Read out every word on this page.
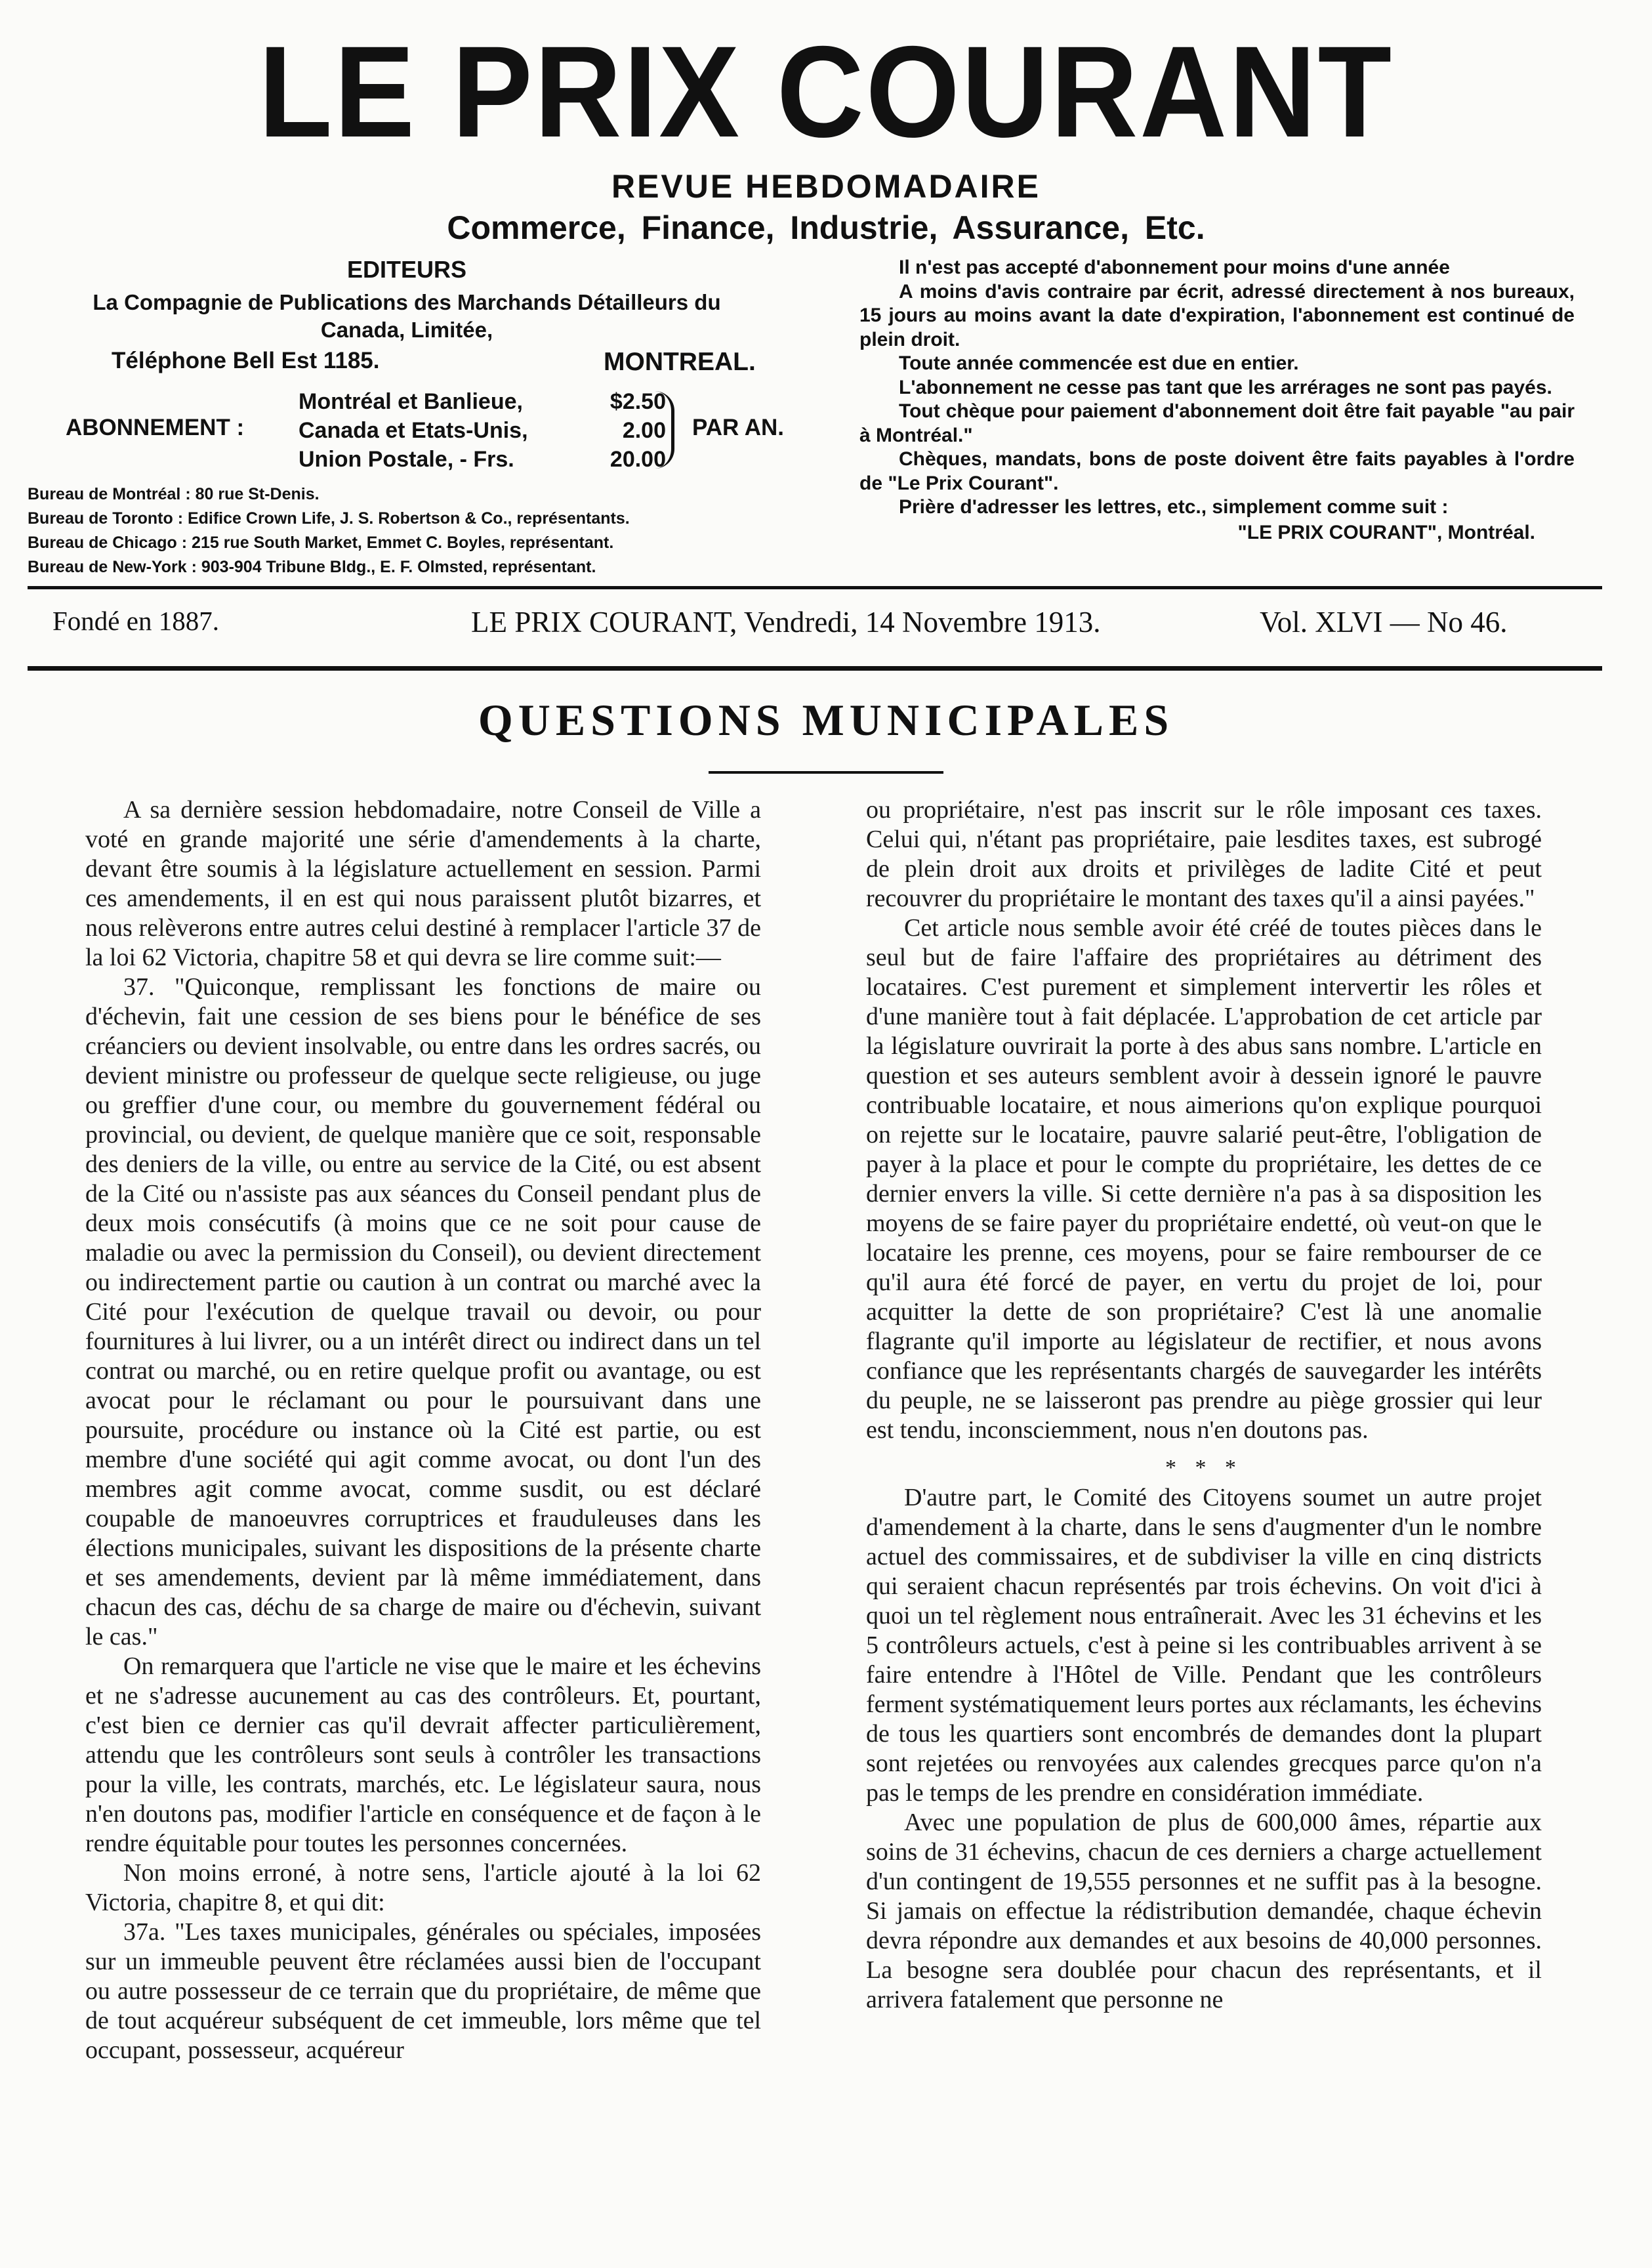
LE PRIX COURANT
REVUE HEBDOMADAIRE
Commerce, Finance, Industrie, Assurance, Etc.
EDITEURS
La Compagnie de Publications des Marchands Détailleurs du Canada, Limitée,
Téléphone Bell Est 1185.	MONTREAL.
ABONNEMENT :
Montréal et Banlieue,	$2.50
Canada et Etats-Unis,	2.00
Union Postale, - Frs.	20.00
PAR AN.
Bureau de Montréal : 80 rue St-Denis.
Bureau de Toronto : Edifice Crown Life, J. S. Robertson & Co., représentants.
Bureau de Chicago : 215 rue South Market, Emmet C. Boyles, représentant.
Bureau de New-York : 903-904 Tribune Bldg., E. F. Olmsted, représentant.

Il n'est pas accepté d'abonnement pour moins d'une année

A moins d'avis contraire par écrit, adressé directement à nos bureaux, 15 jours au moins avant la date d'expiration, l'abonnement est continué de plein droit.

Toute année commencée est due en entier.

L'abonnement ne cesse pas tant que les arrérages ne sont pas payés.

Tout chèque pour paiement d'abonnement doit être fait payable "au pair à Montréal."

Chèques, mandats, bons de poste doivent être faits payables à l'ordre de "Le Prix Courant".

Prière d'adresser les lettres, etc., simplement comme suit :

"LE PRIX COURANT", Montréal.
Fondé en 1887.	LE PRIX COURANT, Vendredi, 14 Novembre 1913.	Vol. XLVI — No 46.
QUESTIONS MUNICIPALES

A sa dernière session hebdomadaire, notre Conseil de Ville a voté en grande majorité une série d'amendements à la charte, devant être soumis à la législature actuellement en session. Parmi ces amendements, il en est qui nous paraissent plutôt bizarres, et nous relèverons entre autres celui destiné à remplacer l'article 37 de la loi 62 Victoria, chapitre 58 et qui devra se lire comme suit:—

37. "Quiconque, remplissant les fonctions de maire ou d'échevin, fait une cession de ses biens pour le bénéfice de ses créanciers ou devient insolvable, ou entre dans les ordres sacrés, ou devient ministre ou professeur de quelque secte religieuse, ou juge ou greffier d'une cour, ou membre du gouvernement fédéral ou provincial, ou devient, de quelque manière que ce soit, responsable des deniers de la ville, ou entre au service de la Cité, ou est absent de la Cité ou n'assiste pas aux séances du Conseil pendant plus de deux mois consécutifs (à moins que ce ne soit pour cause de maladie ou avec la permission du Conseil), ou devient directement ou indirectement partie ou caution à un contrat ou marché avec la Cité pour l'exécution de quelque travail ou devoir, ou pour fournitures à lui livrer, ou a un intérêt direct ou indirect dans un tel contrat ou marché, ou en retire quelque profit ou avantage, ou est avocat pour le réclamant ou pour le poursuivant dans une poursuite, procédure ou instance où la Cité est partie, ou est membre d'une société qui agit comme avocat, ou dont l'un des membres agit comme avocat, comme susdit, ou est déclaré coupable de manoeuvres corruptrices et frauduleuses dans les élections municipales, suivant les dispositions de la présente charte et ses amendements, devient par là même immédiatement, dans chacun des cas, déchu de sa charge de maire ou d'échevin, suivant le cas."

On remarquera que l'article ne vise que le maire et les échevins et ne s'adresse aucunement au cas des contrôleurs. Et, pourtant, c'est bien ce dernier cas qu'il devrait affecter particulièrement, attendu que les contrôleurs sont seuls à contrôler les transactions pour la ville, les contrats, marchés, etc. Le législateur saura, nous n'en doutons pas, modifier l'article en conséquence et de façon à le rendre équitable pour toutes les personnes concernées.

Non moins erroné, à notre sens, l'article ajouté à la loi 62 Victoria, chapitre 8, et qui dit:

37a. "Les taxes municipales, générales ou spéciales, imposées sur un immeuble peuvent être réclamées aussi bien de l'occupant ou autre possesseur de ce terrain que du propriétaire, de même que de tout acquéreur subséquent de cet immeuble, lors même que tel occupant, possesseur, acquéreur

ou propriétaire, n'est pas inscrit sur le rôle imposant ces taxes. Celui qui, n'étant pas propriétaire, paie lesdites taxes, est subrogé de plein droit aux droits et privilèges de ladite Cité et peut recouvrer du propriétaire le montant des taxes qu'il a ainsi payées."

Cet article nous semble avoir été créé de toutes pièces dans le seul but de faire l'affaire des propriétaires au détriment des locataires. C'est purement et simplement intervertir les rôles et d'une manière tout à fait déplacée. L'approbation de cet article par la législature ouvrirait la porte à des abus sans nombre. L'article en question et ses auteurs semblent avoir à dessein ignoré le pauvre contribuable locataire, et nous aimerions qu'on explique pourquoi on rejette sur le locataire, pauvre salarié peut-être, l'obligation de payer à la place et pour le compte du propriétaire, les dettes de ce dernier envers la ville. Si cette dernière n'a pas à sa disposition les moyens de se faire payer du propriétaire endetté, où veut-on que le locataire les prenne, ces moyens, pour se faire rembourser de ce qu'il aura été forcé de payer, en vertu du projet de loi, pour acquitter la dette de son propriétaire? C'est là une anomalie flagrante qu'il importe au législateur de rectifier, et nous avons confiance que les représentants chargés de sauvegarder les intérêts du peuple, ne se laisseront pas prendre au piège grossier qui leur est tendu, inconsciemment, nous n'en doutons pas.

* * *

D'autre part, le Comité des Citoyens soumet un autre projet d'amendement à la charte, dans le sens d'augmenter d'un le nombre actuel des commissaires, et de subdiviser la ville en cinq districts qui seraient chacun représentés par trois échevins. On voit d'ici à quoi un tel règlement nous entraînerait. Avec les 31 échevins et les 5 contrôleurs actuels, c'est à peine si les contribuables arrivent à se faire entendre à l'Hôtel de Ville. Pendant que les contrôleurs ferment systématiquement leurs portes aux réclamants, les échevins de tous les quartiers sont encombrés de demandes dont la plupart sont rejetées ou renvoyées aux calendes grecques parce qu'on n'a pas le temps de les prendre en considération immédiate.

Avec une population de plus de 600,000 âmes, répartie aux soins de 31 échevins, chacun de ces derniers a charge actuellement d'un contingent de 19,555 personnes et ne suffit pas à la besogne. Si jamais on effectue la rédistribution demandée, chaque échevin devra répondre aux demandes et aux besoins de 40,000 personnes. La besogne sera doublée pour chacun des représentants, et il arrivera fatalement que personne ne
